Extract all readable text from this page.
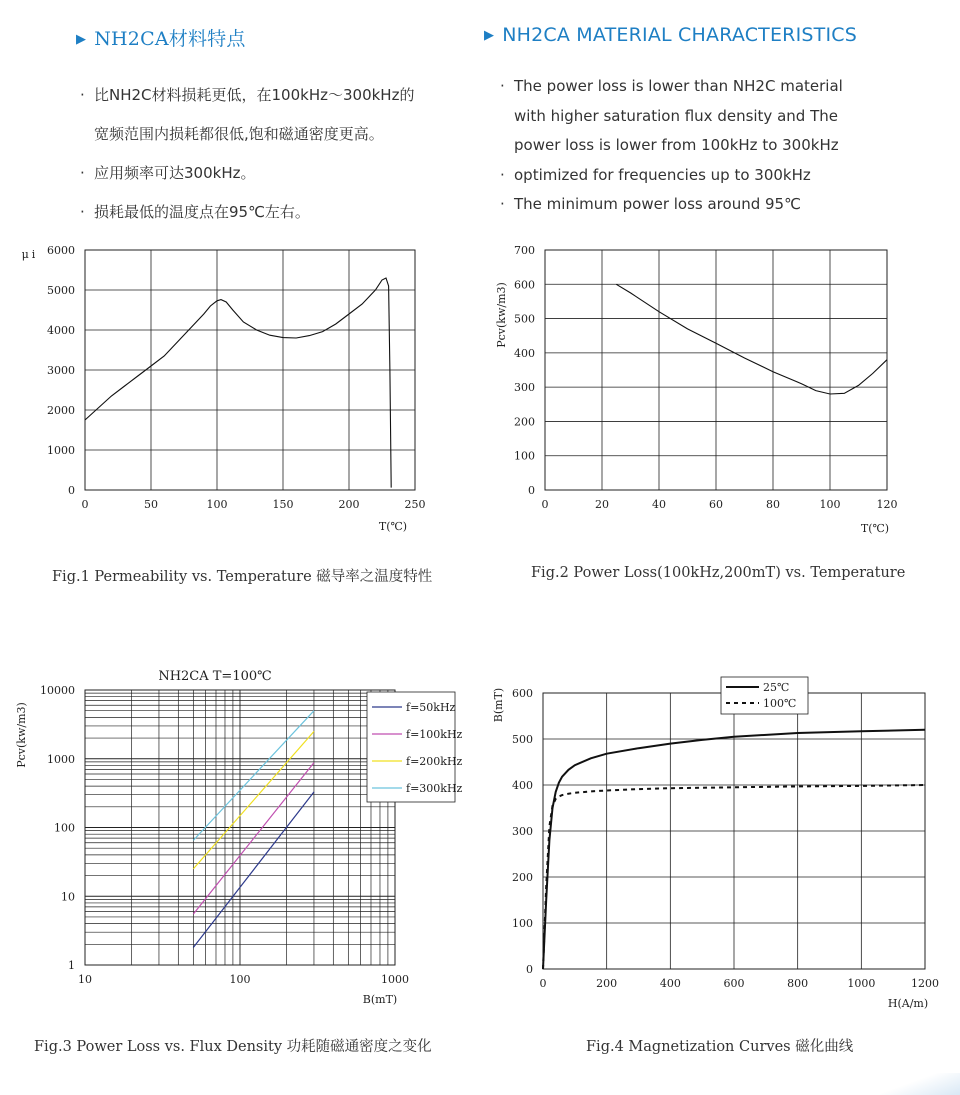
▶ NH2CA材料特点	▶ NH2CA MATERIAL CHARACTERISTICS
· 比NH2C材料损耗更低，在100kHz～300kHz的
宽频范围内损耗都很低,饱和磁通密度更高。
· 应用频率可达300kHz。
· 损耗最低的温度点在95℃左右。
· The power loss is lower than NH2C material
with higher saturation flux density and The
power loss is lower from 100kHz to 300kHz
· optimized for frequencies up to 300kHz
· The minimum power loss around 95℃
0	50	100	150	200	250
0
1000
2000
3000
4000
5000
6000
T(℃)
μi
0	20	40	60	80	100	120
0
100
200
300
400
500
600
700
T(℃)
Pcv(kw/m3)
10	100	1000
1
10
100
1000
10000
B(mT)
Pcv(kw/m3)
NH2CA T=100℃
f=50kHz
f=100kHz
f=200kHz
f=300kHz
0	200	400	600	800	1000	1200
0
100
200
300
400
500
600
H(A/m)
B(mT)
25℃
100℃
Fig.1 Permeability vs. Temperature 磁导率之温度特性	Fig.2 Power Loss(100kHz,200mT) vs. Temperature
Fig.3 Power Loss vs. Flux Density 功耗随磁通密度之变化	Fig.4 Magnetization Curves 磁化曲线
